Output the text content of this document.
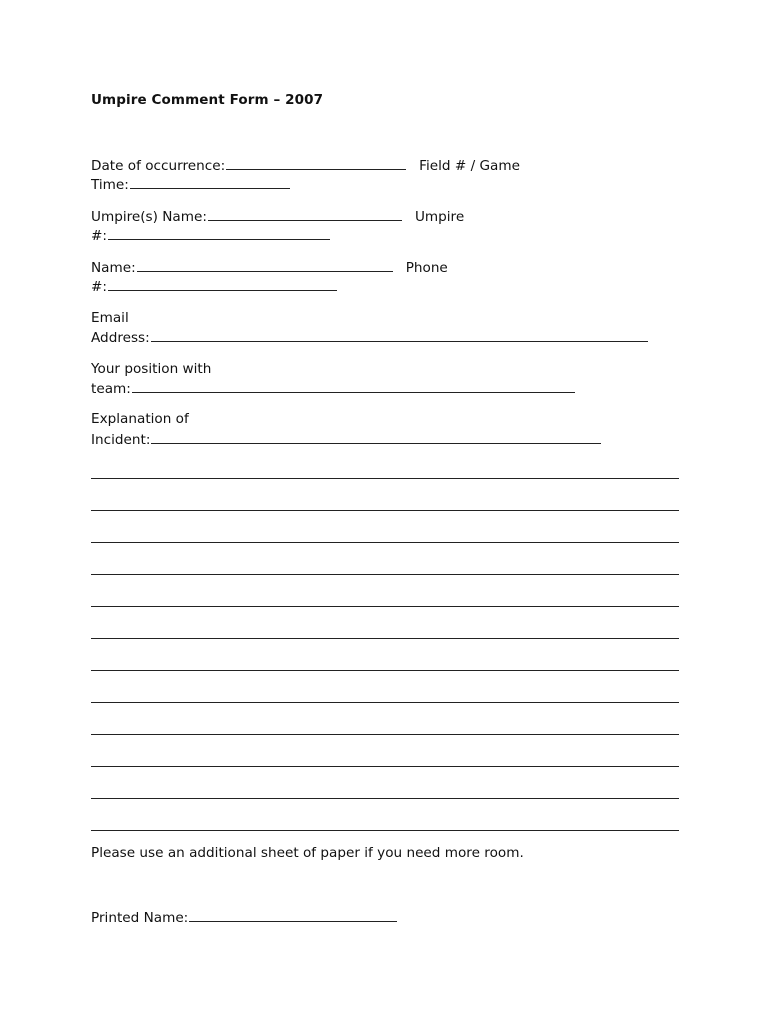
Umpire Comment Form – 2007
Date of occurrence:	Field # / Game
Time:
Umpire(s) Name:	Umpire
#:
Name:	Phone
#:
Email
Address:
Your position with
team:
Explanation of
Incident:
Please use an additional sheet of paper if you need more room.
Printed Name:
